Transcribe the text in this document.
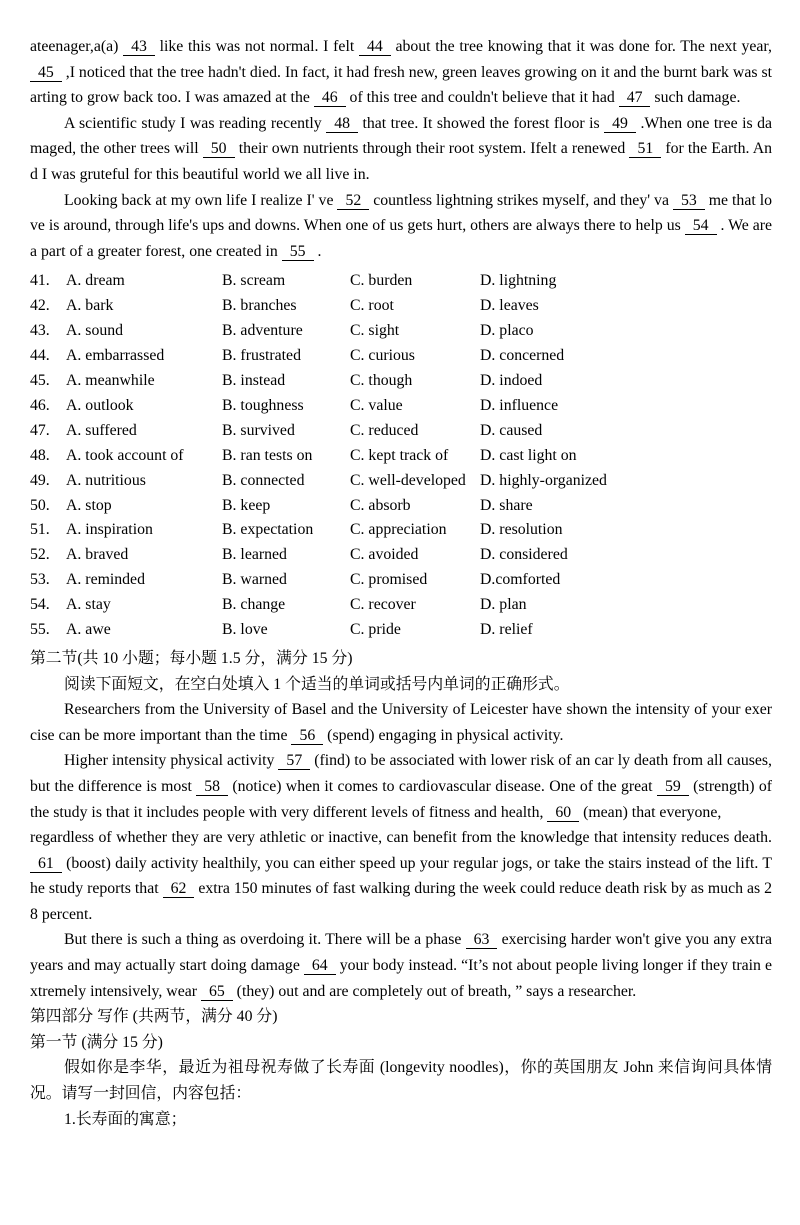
ateenager,a(a) 43 like this was not normal. I felt 44 about the tree knowing that it was done for. The next year, 45 ,I noticed that the tree hadn't died. In fact, it had fresh new, green leaves growing on it and the burnt bark was starting to grow back too. I was amazed at the 46 of this tree and couldn't believe that it had 47 such damage.

A scientific study I was reading recently 48 that tree. It showed the forest floor is 49 .When one tree is damaged, the other trees will 50 their own nutrients through their root system. Ifelt a renewed 51 for the Earth. And I was gruteful for this beautiful world we all live in.

Looking back at my own life I realize I' ve 52 countless lightning strikes myself, and they' va 53 me that love is around, through life's ups and downs. When one of us gets hurt, others are always there to help us 54 . We are a part of a greater forest, one created in 55 .

41.	A. dream	B. scream	C. burden	D. lightning
42.	A. bark	B. branches	C. root	D. leaves
43.	A. sound	B. adventure	C. sight	D. placo
44.	A. embarrassed	B. frustrated	C. curious	D. concerned
45.	A. meanwhile	B. instead	C. though	D. indoed
46.	A. outlook	B. toughness	C. value	D. influence
47.	A. suffered	B. survived	C. reduced	D. caused
48.	A. took account of	B. ran tests on	C. kept track of	D. cast light on
49.	A. nutritious	B. connected	C. well-developed D. highly-organized
50.	A. stop	B. keep	C. absorb	D. share
51.	A. inspiration	B. expectation	C. appreciation	D. resolution
52.	A. braved	B. learned	C. avoided	D. considered
53.	A. reminded	B. warned	C. promised	D.comforted
54.	A. stay	B. change	C. recover	D. plan
55.	A. awe	B. love	C. pride	D. relief

第二节(共 10 小题；每小题 1.5 分，满分 15 分)

阅读下面短文，在空白处填入 1 个适当的单词或括号内单词的正确形式。

Researchers from the University of Basel and the University of Leicester have shown the intensity of your exercise can be more important than the time 56 (spend) engaging in physical activity.

Higher intensity physical activity 57 (find) to be associated with lower risk of an car ly death from all causes, but the difference is most 58 (notice) when it comes to cardiovascular disease. One of the great 59 (strength) of the study is that it includes people with very different levels of fitness and health, 60 (mean) that everyone,

regardless of whether they are very athletic or inactive, can benefit from the knowledge that intensity reduces death. 61 (boost) daily activity healthily, you can either speed up your regular jogs, or take the stairs instead of the lift. The study reports that 62 extra 150 minutes of fast walking during the week could reduce death risk by as much as 28 percent.

But there is such a thing as overdoing it. There will be a phase 63 exercising harder won't give you any extra years and may actually start doing damage 64 your body instead. “It’s not about people living longer if they train extremely intensively, wear 65 (they) out and are completely out of breath, ” says a researcher.

第四部分 写作 (共两节，满分 40 分)

第一节 (满分 15 分)

假如你是李华，最近为祖母祝寿做了长寿面 (longevity noodles)，你的英国朋友 John 来信询问具体情况。请写一封回信，内容包括：

1.长寿面的寓意；
